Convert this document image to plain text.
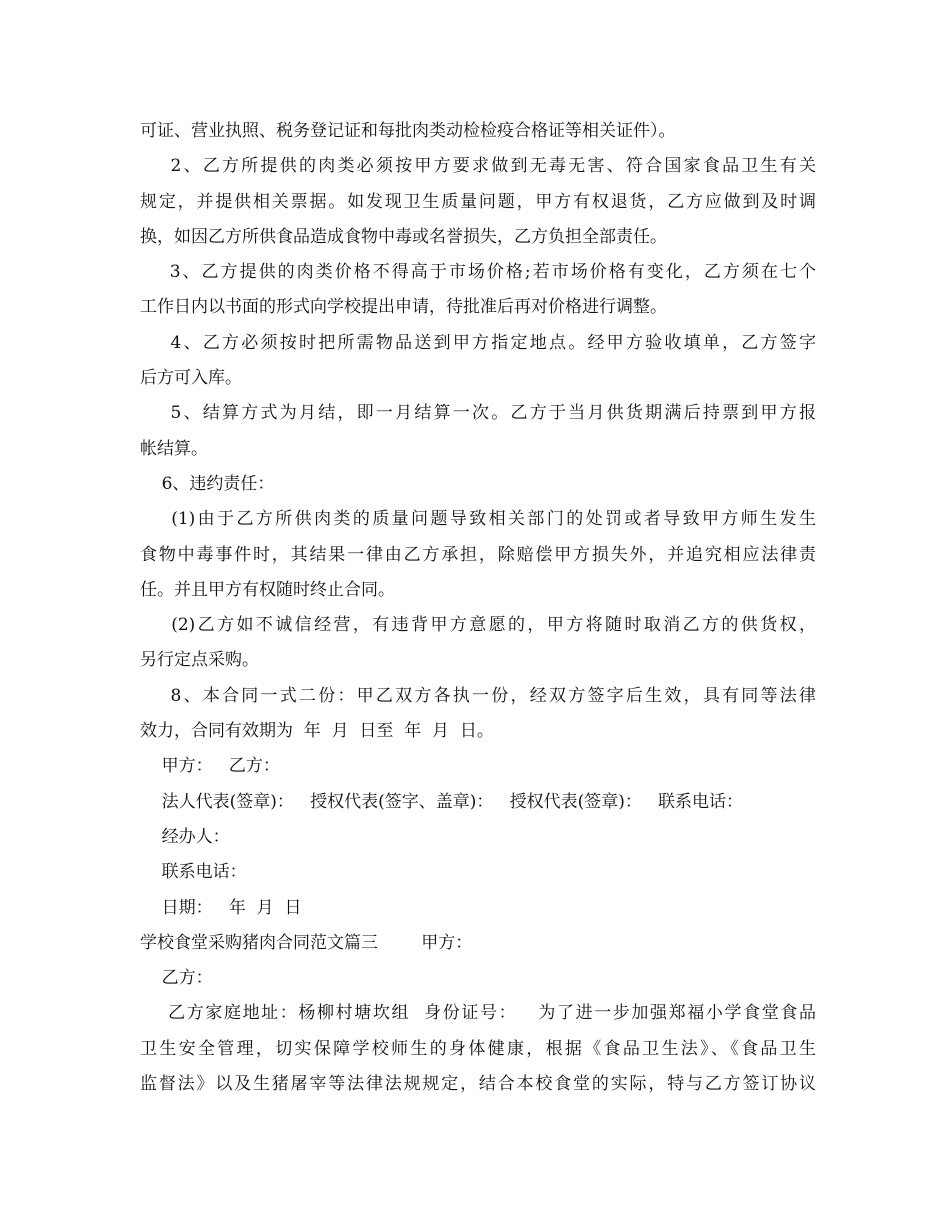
可证、营业执照、税务登记证和每批肉类动检检疫合格证等相关证件）。
2、乙方所提供的肉类必须按甲方要求做到无毒无害、符合国家食品卫生有关
规定，并提供相关票据。如发现卫生质量问题，甲方有权退货，乙方应做到及时调
换，如因乙方所供食品造成食物中毒或名誉损失，乙方负担全部责任。
3、乙方提供的肉类价格不得高于市场价格;若市场价格有变化，乙方须在七个
工作日内以书面的形式向学校提出申请，待批准后再对价格进行调整。
4、乙方必须按时把所需物品送到甲方指定地点。经甲方验收填单，乙方签字
后方可入库。
5、结算方式为月结，即一月结算一次。乙方于当月供货期满后持票到甲方报
帐结算。
6、违约责任：
(1)由于乙方所供肉类的质量问题导致相关部门的处罚或者导致甲方师生发生
食物中毒事件时，其结果一律由乙方承担，除赔偿甲方损失外，并追究相应法律责
任。并且甲方有权随时终止合同。
(2)乙方如不诚信经营，有违背甲方意愿的，甲方将随时取消乙方的供货权，
另行定点采购。
8、本合同一式二份：甲乙双方各执一份，经双方签字后生效，具有同等法律
效力，合同有效期为  年  月  日至  年  月  日。
甲方：   乙方：
法人代表(签章)：   授权代表(签字、盖章)：   授权代表(签章)：   联系电话：
经办人：
联系电话：
日期：   年  月  日
学校食堂采购猪肉合同范文篇三        甲方：
乙方：
乙方家庭地址：杨柳村塘坎组  身份证号：   为了进一步加强郑福小学食堂食品
卫生安全管理，切实保障学校师生的身体健康，根据《食品卫生法》、《食品卫生
监督法》以及生猪屠宰等法律法规规定，结合本校食堂的实际，特与乙方签订协议
